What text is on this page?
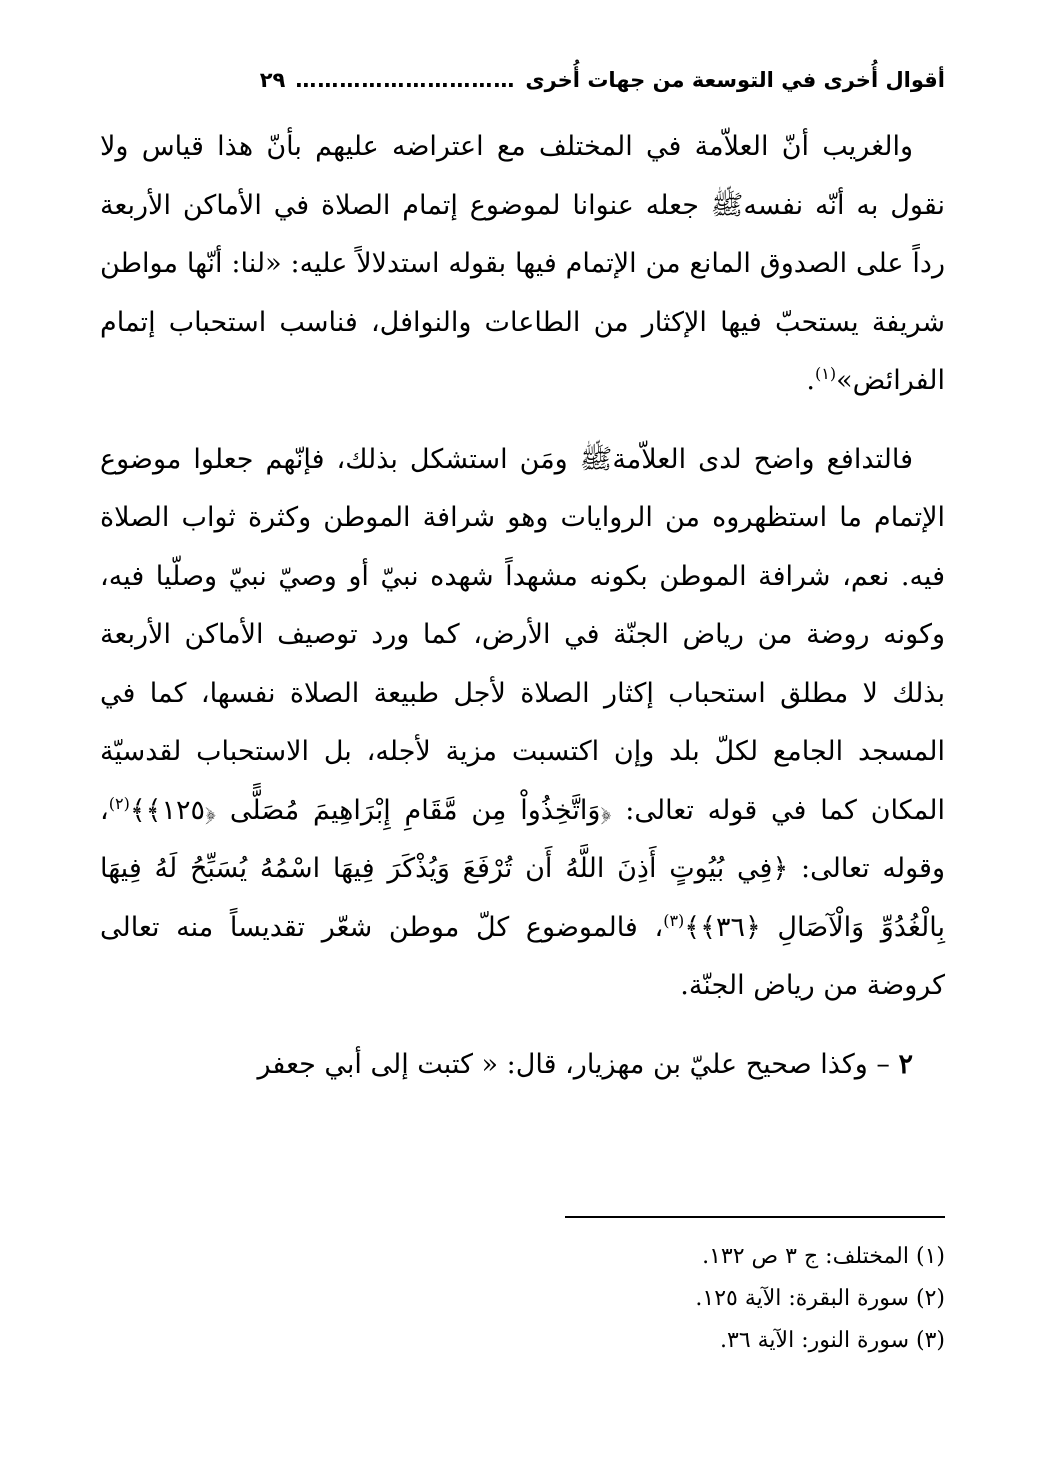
أقوال أُخرى في التوسعة من جهات أُخرى
…………………………
٢٩

والغريب أنّ العلاّمة في المختلف مع اعتراضه عليهم بأنّ هذا قياس ولا نقول به أنّه نفسهﷺ جعله عنوانا لموضوع إتمام الصلاة في الأماكن الأربعة رداً على الصدوق المانع من الإتمام فيها بقوله استدلالاً عليه: «لنا: أنّها مواطن شريفة يستحبّ فيها الإكثار من الطاعات والنوافل، فناسب استحباب إتمام الفرائض»$^{(١)}$.

فالتدافع واضح لدى العلاّمةﷺ ومَن استشكل بذلك، فإنّهم جعلوا موضوع الإتمام ما استظهروه من الروايات وهو شرافة الموطن وكثرة ثواب الصلاة فيه. نعم، شرافة الموطن بكونه مشهداً شهده نبيّ أو وصيّ نبيّ وصلّيا فيه، وكونه روضة من رياض الجنّة في الأرض، كما ورد توصيف الأماكن الأربعة بذلك لا مطلق استحباب إكثار الصلاة لأجل طبيعة الصلاة نفسها، كما في المسجد الجامع لكلّ بلد وإن اكتسبت مزية لأجله، بل الاستحباب لقدسيّة المكان كما في قوله تعالى: ﴿وَاتَّخِذُواْ مِن مَّقَامِ إِبْرَاهِيمَ مُصَلًّى ﴿١٢٥﴾﴾$^{(٢)}$، وقوله تعالى: ﴿فِي بُيُوتٍ أَذِنَ اللَّهُ أَن تُرْفَعَ وَيُذْكَرَ فِيهَا اسْمُهُ يُسَبِّحُ لَهُ فِيهَا بِالْغُدُوِّ وَالْآصَالِ ﴿٣٦﴾﴾$^{(٣)}$، فالموضوع كلّ موطن شعّر تقديساً منه تعالى كروضة من رياض الجنّة.

٢ – وكذا صحيح عليّ بن مهزيار، قال: « كتبت إلى أبي جعفر

(١) المختلف: ج ٣ ص ١٣٢.
(٢) سورة البقرة: الآية ١٢٥.
(٣) سورة النور: الآية ٣٦.
